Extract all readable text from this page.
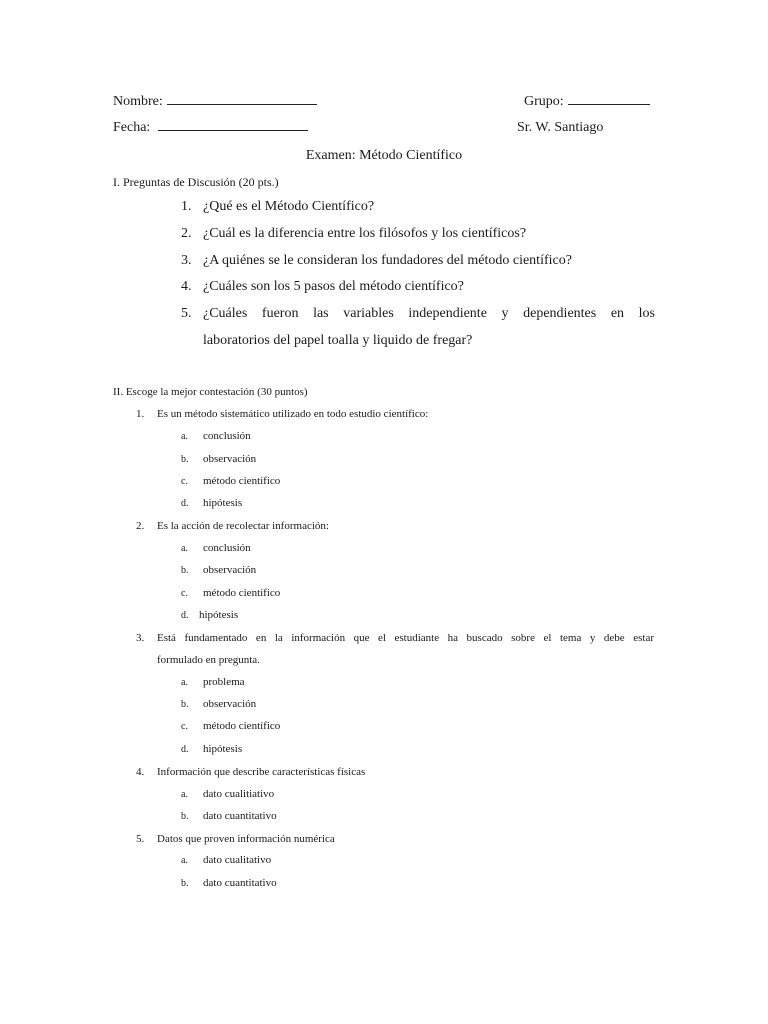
Nombre:	Grupo:
Fecha:	Sr. W. Santiago
Examen: Método Científico
I. Preguntas de Discusión (20 pts.)
1. ¿Qué es el Método Científico?
2. ¿Cuál es la diferencia entre los filósofos y los científicos?
3. ¿A quiénes se le consideran los fundadores del método científico?
4. ¿Cuáles son los 5 pasos del método científico?
5. ¿Cuáles fueron las variables independiente y dependientes en los
laboratorios del papel toalla y liquido de fregar?
II. Escoge la mejor contestación (30 puntos)
1. Es un método sistemático utilizado en todo estudio científico:
a. conclusión
b. observación
c. método científico
d. hipótesis
2. Es la acción de recolectar información:
a. conclusión
b. observación
c. método científico
d. hipótesis
3. Está fundamentado en la información que el estudiante ha buscado sobre el tema y debe estar
formulado en pregunta.
a. problema
b. observación
c. método científico
d. hipótesis
4. Información que describe características físicas
a. dato cualitiativo
b. dato cuantitativo
5. Datos que proven información numérica
a. dato cualitativo
b. dato cuantitativo
